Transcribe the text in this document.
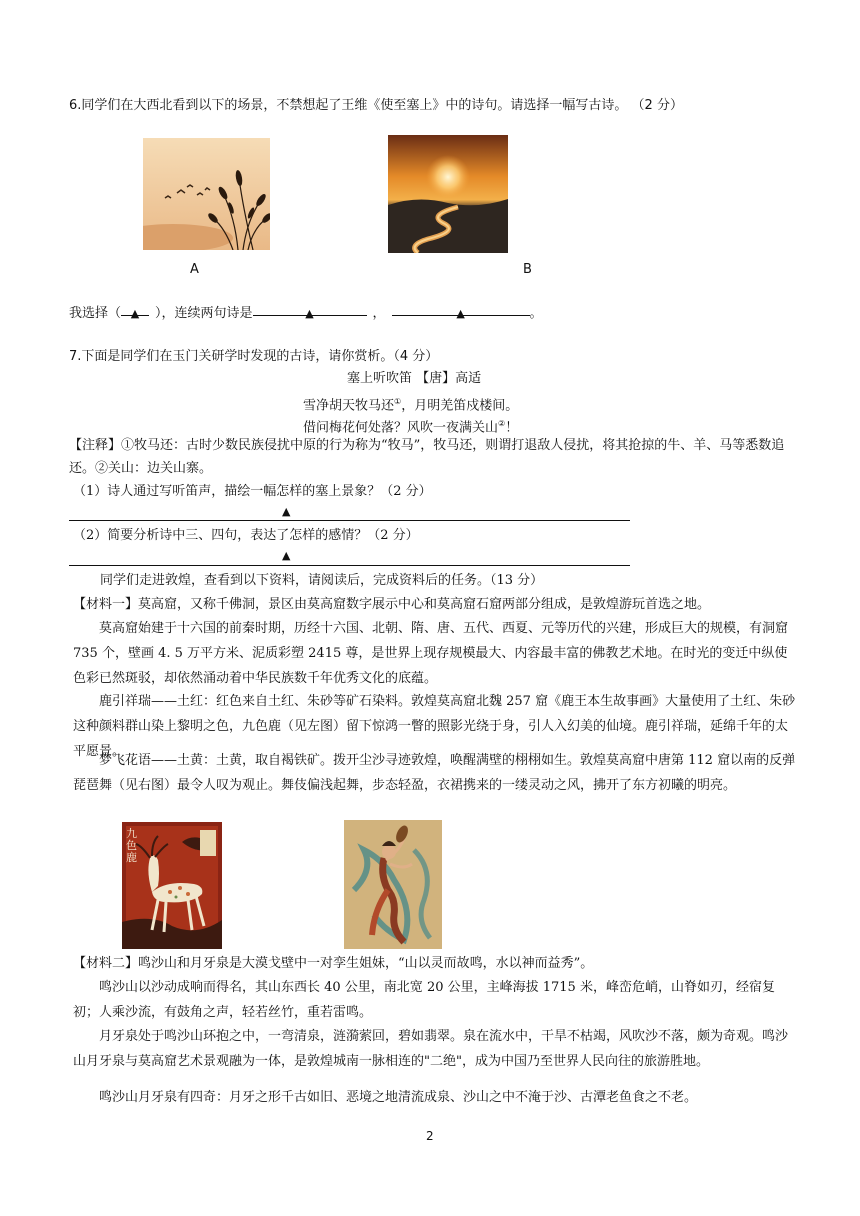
6.同学们在大西北看到以下的场景，不禁想起了王维《使至塞上》中的诗句。请选择一幅写古诗。 （2 分）
A	B
我选择（ ▲ ），连续两句诗是	▲	，	▲	。
7.下面是同学们在玉门关研学时发现的古诗，请你赏析。（4 分）
塞上听吹笛 【唐】高适
雪净胡天牧马还①，月明羌笛戍楼间。
借问梅花何处落？风吹一夜满关山②！
【注释】①牧马还：古时少数民族侵扰中原的行为称为“牧马”，牧马还，则谓打退敌人侵扰，将其抢掠的牛、羊、马等悉数追还。②关山：边关山寨。
（1）诗人通过写听笛声，描绘一幅怎样的塞上景象？（2 分）
▲
（2）简要分析诗中三、四句，表达了怎样的感情？（2 分）
▲
同学们走进敦煌，查看到以下资料，请阅读后，完成资料后的任务。（13 分）
【材料一】莫高窟，又称千佛洞，景区由莫高窟数字展示中心和莫高窟石窟两部分组成，是敦煌游玩首选之地。
莫高窟始建于十六国的前秦时期，历经十六国、北朝、隋、唐、五代、西夏、元等历代的兴建，形成巨大的规模，有洞窟 735 个，壁画 4. 5 万平方米、泥质彩塑 2415 尊，是世界上现存规模最大、内容最丰富的佛教艺术地。在时光的变迁中纵使色彩已然斑驳，却依然涌动着中华民族数千年优秀文化的底蕴。
鹿引祥瑞——土红：红色来自土红、朱砂等矿石染料。敦煌莫高窟北魏 257 窟《鹿王本生故事画》大量使用了土红、朱砂这种颜料群山染上黎明之色，九色鹿（见左图）留下惊鸿一瞥的照影光绕于身，引人入幻美的仙境。鹿引祥瑞，延绵千年的太平愿景。
梦飞花语——土黄：土黄，取自褐铁矿。拨开尘沙寻迹敦煌，唤醒满壁的栩栩如生。敦煌莫高窟中唐第 112 窟以南的反弹琵琶舞（见右图）最令人叹为观止。舞伎偏浅起舞，步态轻盈，衣裙携来的一缕灵动之风，拂开了东方初曦的明亮。
九色鹿
【材料二】鸣沙山和月牙泉是大漠戈壁中一对孪生姐妹，“山以灵而故鸣，水以神而益秀”。
鸣沙山以沙动成响而得名，其山东西长 40 公里，南北宽 20 公里，主峰海拔 1715 米，峰峦危峭，山脊如刃，经宿复初；人乘沙流，有鼓角之声，轻若丝竹，重若雷鸣。
月牙泉处于鸣沙山环抱之中，一弯清泉，涟漪萦回，碧如翡翠。泉在流水中，干旱不枯竭，风吹沙不落，颇为奇观。鸣沙山月牙泉与莫高窟艺术景观融为一体，是敦煌城南一脉相连的"二绝"，成为中国乃至世界人民向往的旅游胜地。
鸣沙山月牙泉有四奇：月牙之形千古如旧、恶境之地清流成泉、沙山之中不淹于沙、古潭老鱼食之不老。
2
